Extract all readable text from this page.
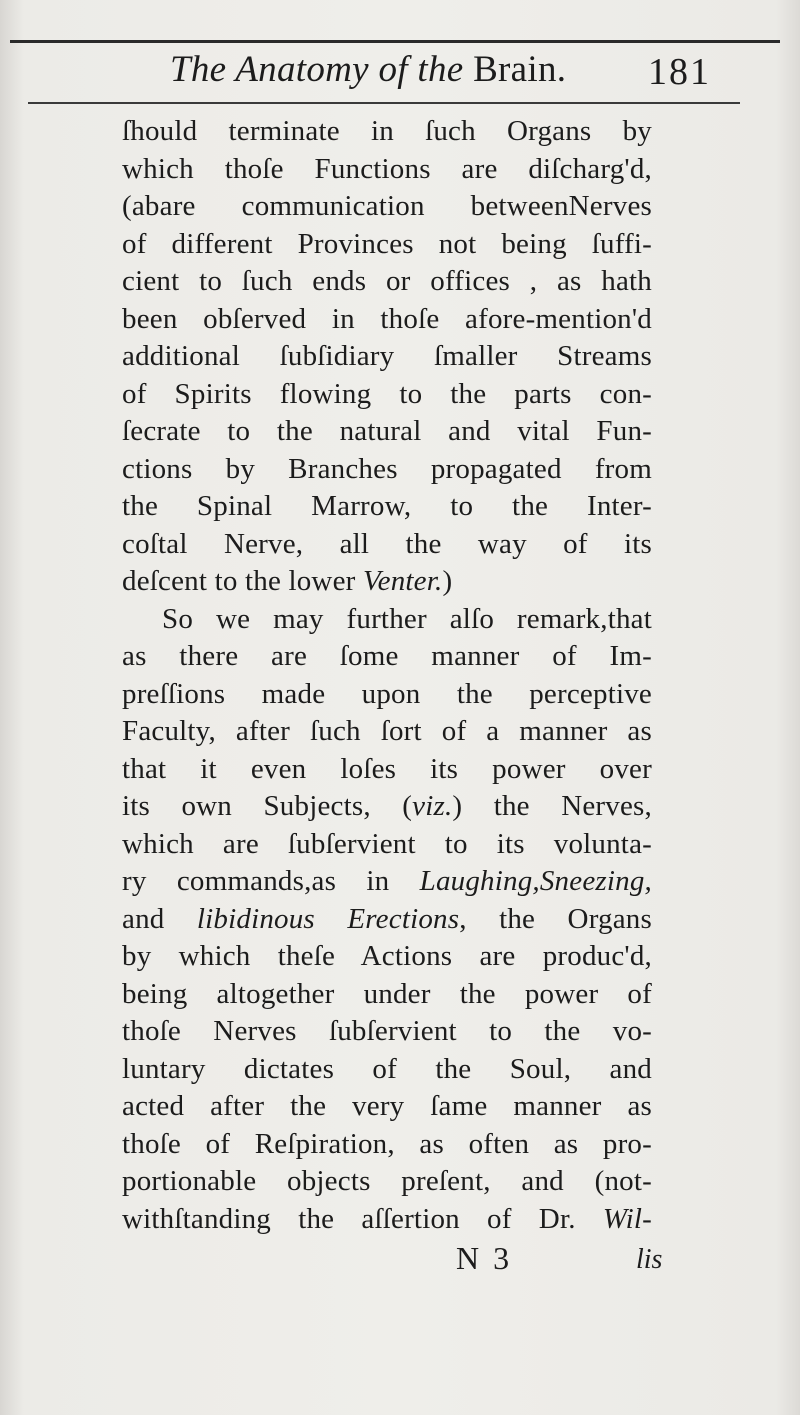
The Anatomy of the Brain. 181
ſhould terminate in ſuch Organs by
which thoſe Functions are diſcharg'd,
(abare communication betweenNerves
of different Provinces not being ſuffi-
cient to ſuch ends or offices , as hath
been obſerved in thoſe afore-mention'd
additional ſubſidiary ſmaller Streams
of Spirits flowing to the parts con-
ſecrate to the natural and vital Fun-
ctions by Branches propagated from
the Spinal Marrow, to the Inter-
coſtal Nerve, all the way of its
deſcent to the lower Venter.)
So we may further alſo remark,that
as there are ſome manner of Im-
preſſions made upon the perceptive
Faculty, after ſuch ſort of a manner as
that it even loſes its power over
its own Subjects, (viz.) the Nerves,
which are ſubſervient to its volunta-
ry commands,as in Laughing,Sneezing,
and libidinous Erections, the Organs
by which theſe Actions are produc'd,
being altogether under the power of
thoſe Nerves ſubſervient to the vo-
luntary dictates of the Soul, and
acted after the very ſame manner as
thoſe of Reſpiration, as often as pro-
portionable objects preſent, and (not-
withſtanding the aſſertion of Dr. Wil-
N 3	lis
